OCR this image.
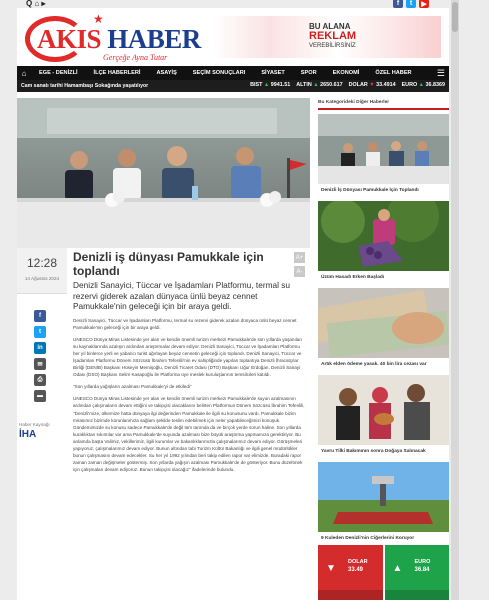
Q ⌂ ▸	f	t	▶
★
AKIS HABER
Gerçeğe Ayna Tutar
BU ALANA
REKLAM
VEREBİLİRSİNİZ
⌂	EGE - DENİZLİ	İLÇE HABERLERİ	ASAYİŞ	SEÇİM SONUÇLARI	SİYASET	SPOR	EKONOMİ	ÖZEL HABER	☰
Cam sanatı tarihi Hamambaşı Sokağında yaşatılıyor	BIST ▲ 9941.51 ALTIN ▲ 2650.617 DOLAR ▼ 33.4914 EURO ▲ 36.8369
12:28
14 Ağustos 2024
f
t
in
✉
⎙
▬
Haber Kaynağı
İHA
Denizli iş dünyası Pamukkale için toplandı

Denizli Sanayici, Tüccar ve İşadamları Platformu, termal su rezervi giderek azalan dünyaca ünlü beyaz cennet Pamukkale'nin geleceği için bir araya geldi.

Denizli Sanayici, Tüccar ve İşadamları Platformu, termal su rezervi giderek azalan dünyaca ünlü beyaz cennet Pamukkale'nin geleceği için bir araya geldi.

UNESCO Dünya Miras Listesinde yer alan ve kendin önemli turizm merkezi Pamukkale'de son yıllarda yaşanılan su kaynaklarında azalışın ardından araştırmalar devam ediyor. Denizli Sanayici, Tüccar ve İşadamları Platformu her yıl binlerce yerli ve yabancı turist ağırlayan beyaz cennetin geleceği için toplandı. Denizli Sanayici, Tüccar ve İşadamları Platformu Dönem Sözcüsü İbrahim Tefenlili'nin ev sahipliğinde yapılan toplantıya Denizli İhracatçılar Birliği (DENİB) Başkanı Hüseyin Memişoğlu, Denizli Ticaret Odası (DTO) Başkanı Uğur Erdoğan, Denizli Sanayi Odası (DSO) Başkanı Selim Kasapoğlu ile Platforma üye meslek kuruluşlarının temsilcileri katıldı.

"Son yıllarda yağışların azalması Pamukkale'yi de etkiledi"

UNESCO Dünya Miras Listesinde yer alan ve kendin önemli turizm merkezi Pamukkale'de suyun azalmasının ardından çalışmaların devam ettiğini ve takipçisi olacaklarını belirten Platformun Dönem Sözcüsü İbrahim Tefenlili, "Denizli'mize, ülkemize hatta dünyaya ilgi değerinden Pamukkale ile ilgili su konusunu vardı. Pamukkale bizim mirasımız bizimde korunlanmıza sağlam şekilde teslim edebilmek için neler yapabileceğimizi konuşuk. Gündemimizde su konusu sadece Pamukkale'de değil tüm tarımda da ve birçok yerde sorun haline. Son yıllarda kuraklıktan sıkıntılar var ama Pamukkale'de suyunda azalması bize büyük araştırma yapmamıza gerektiriyor. Bu anlamda başta Valimiz, vekillerimiz, ilgili kurumlar ve bakanlıklarımızla çalışmalarımız devam ediyor. Görüşmeleri yapıyoruz, çalışmalarımız devam ediyor. Bunun altından tabi Turizm Kültür Bakanlığı ve ilgili genel müdürlükler bunun çalışmasını devam edecekler. Su her yıl 1992 yılından beri takip edilen rapor var elimizde. Buradaki rapor zaman zaman değişmeler göstermiş. Son yıllarda yağışın azalması Pamukkale'de de gösteriyor. Bunu düzeltmek için çalışmaları devam ediyoruz. Bunun takipçisi olacağız" ifadelerinde bulundu.

A+
A-
Bu Kategorideki Diğer Haberler
Denizli İş Dünyası Pamukkale İçin Toplandı
Üzüm Hasadı Erken Başladı
Artık elden ödeme yasak. 40 bin lira cezası var
Yavru Tilki Bakımının sonra Doğaya Salınacak
9 Kuleden Denizli'nin Ciğerlerini Koruyor
▼
DOLAR
33.49	▲
EURO
36.84
